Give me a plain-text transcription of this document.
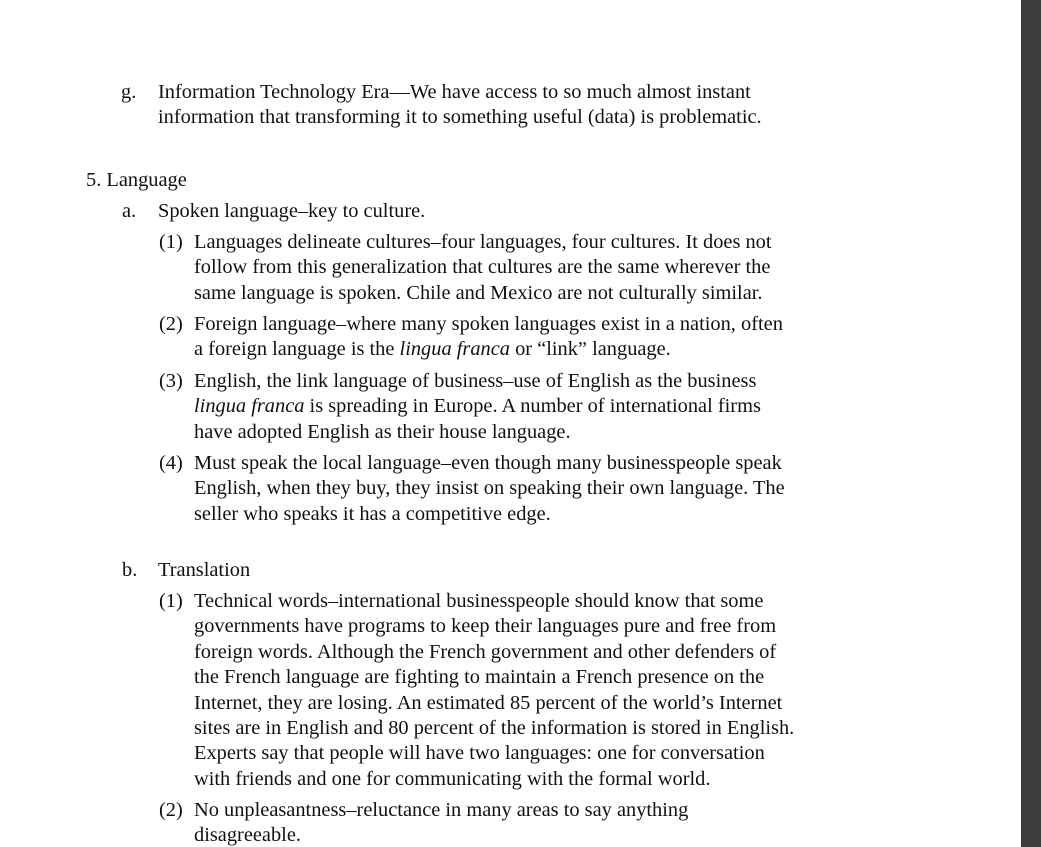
g. Information Technology Era—We have access to so much almost instant
information that transforming it to something useful (data) is problematic.
5. Language
a. Spoken language–key to culture.
(1) Languages delineate cultures–four languages, four cultures. It does not
follow from this generalization that cultures are the same wherever the
same language is spoken. Chile and Mexico are not culturally similar.
(2) Foreign language–where many spoken languages exist in a nation, often
a foreign language is the lingua franca or “link” language.
(3) English, the link language of business–use of English as the business
lingua franca is spreading in Europe. A number of international firms
have adopted English as their house language.
(4) Must speak the local language–even though many businesspeople speak
English, when they buy, they insist on speaking their own language. The
seller who speaks it has a competitive edge.
b. Translation
(1) Technical words–international businesspeople should know that some
governments have programs to keep their languages pure and free from
foreign words. Although the French government and other defenders of
the French language are fighting to maintain a French presence on the
Internet, they are losing. An estimated 85 percent of the world’s Internet
sites are in English and 80 percent of the information is stored in English.
Experts say that people will have two languages: one for conversation
with friends and one for communicating with the formal world.
(2) No unpleasantness–reluctance in many areas to say anything
disagreeable.
